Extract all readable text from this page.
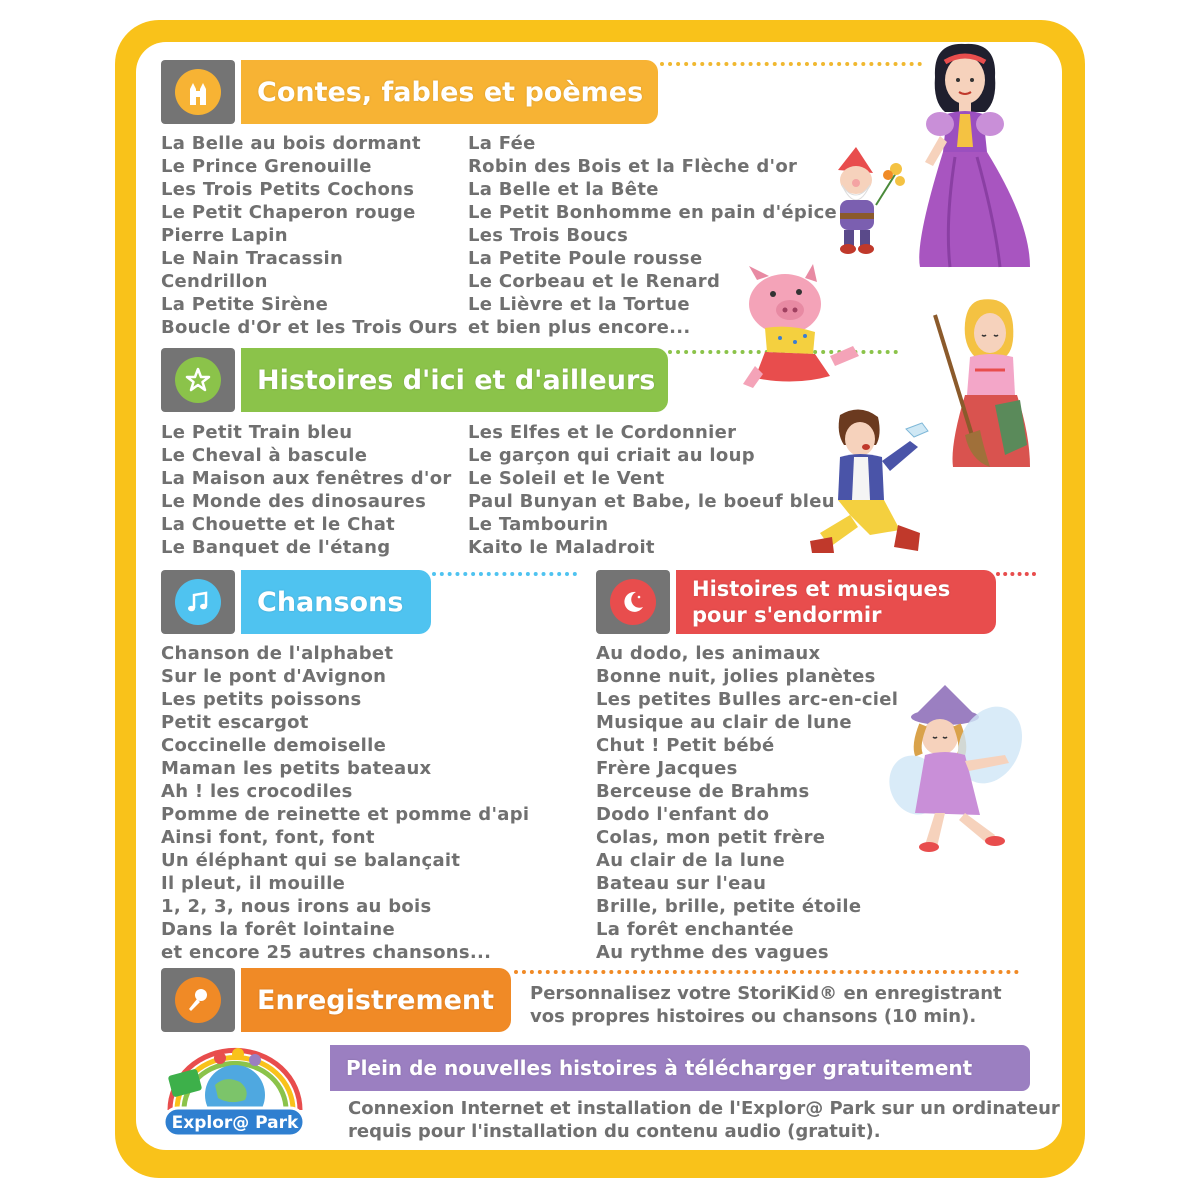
Contes, fables et poèmes
La Belle au bois dormant
Le Prince Grenouille
Les Trois Petits Cochons
Le Petit Chaperon rouge
Pierre Lapin
Le Nain Tracassin
Cendrillon
La Petite Sirène
Boucle d'Or et les Trois Ours
La Fée
Robin des Bois et la Flèche d'or
La Belle et la Bête
Le Petit Bonhomme en pain d'épice
Les Trois Boucs
La Petite Poule rousse
Le Corbeau et le Renard
Le Lièvre et la Tortue
et bien plus encore...
Histoires d'ici et d'ailleurs
Le Petit Train bleu
Le Cheval à bascule
La Maison aux fenêtres d'or
Le Monde des dinosaures
La Chouette et le Chat
Le Banquet de l'étang
Les Elfes et le Cordonnier
Le garçon qui criait au loup
Le Soleil et le Vent
Paul Bunyan et Babe, le boeuf bleu
Le Tambourin
Kaito le Maladroit
Chansons
Chanson de l'alphabet
Sur le pont d'Avignon
Les petits poissons
Petit escargot
Coccinelle demoiselle
Maman les petits bateaux
Ah ! les crocodiles
Pomme de reinette et pomme d'api
Ainsi font, font, font
Un éléphant qui se balançait
Il pleut, il mouille
1, 2, 3, nous irons au bois
Dans la forêt lointaine
et encore 25 autres chansons...
Histoires et musiques
pour s'endormir
Au dodo, les animaux
Bonne nuit, jolies planètes
Les petites Bulles arc-en-ciel
Musique au clair de lune
Chut ! Petit bébé
Frère Jacques
Berceuse de Brahms
Dodo l'enfant do
Colas, mon petit frère
Au clair de la lune
Bateau sur l'eau
Brille, brille, petite étoile
La forêt enchantée
Au rythme des vagues
Enregistrement	Personnalisez votre StoriKid® en enregistrant
vos propres histoires ou chansons (10 min).
Plein de nouvelles histoires à télécharger gratuitement
Connexion Internet et installation de l'Explor@ Park sur un ordinateur
requis pour l'installation du contenu audio (gratuit).
Explor@ Park
